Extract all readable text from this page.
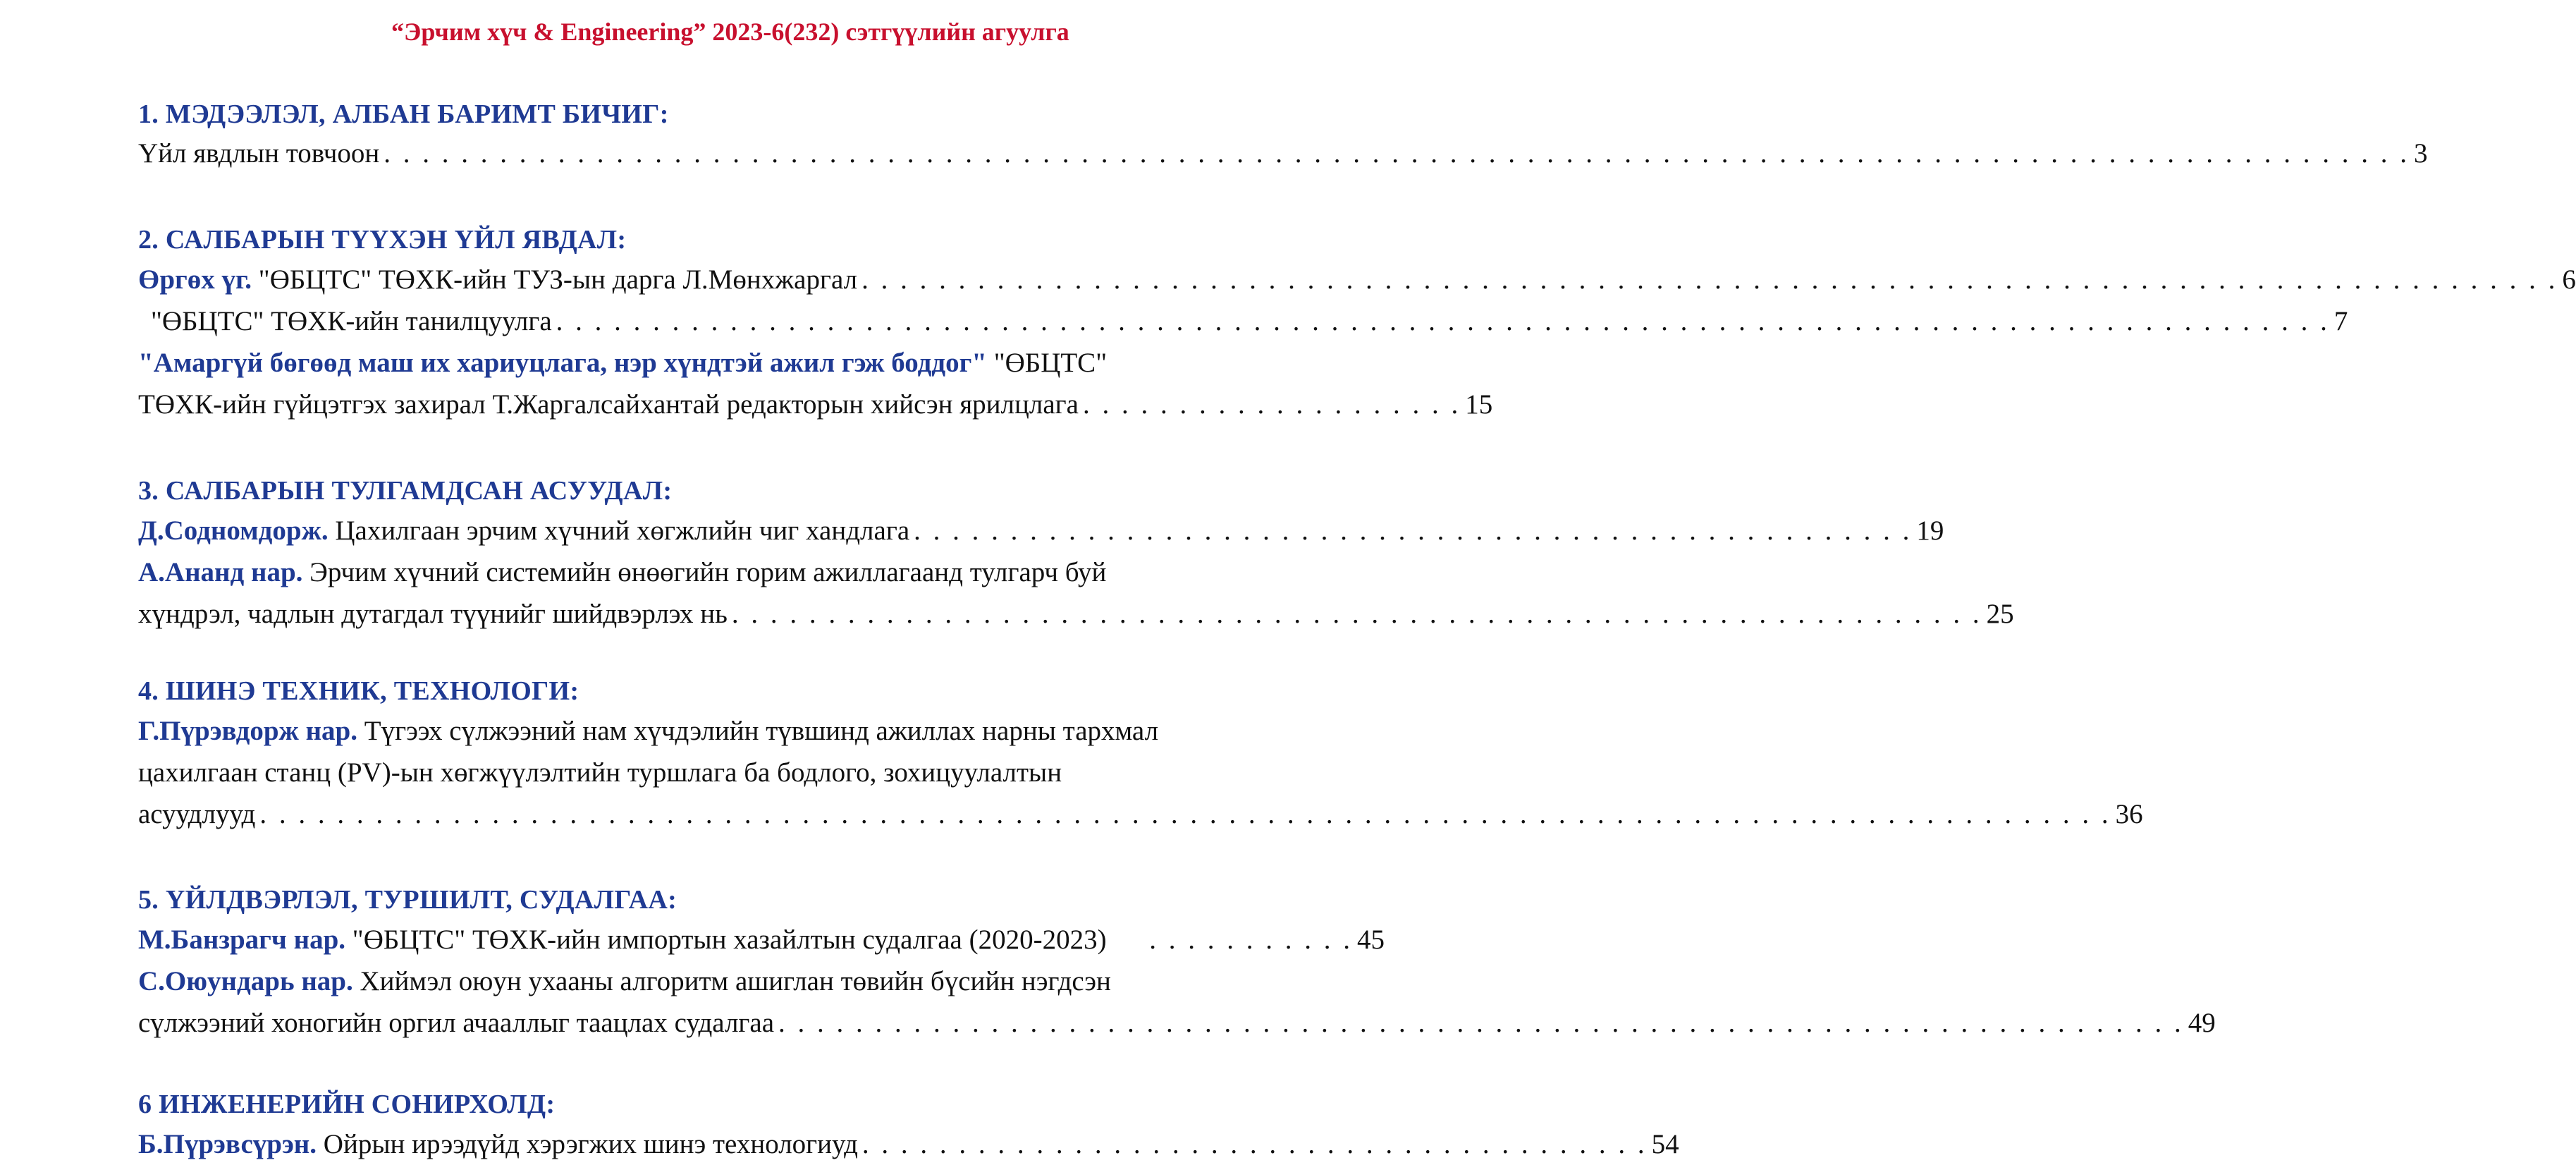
“Эрчим хүч & Engineering” 2023-6(232) сэтгүүлийн агуулга
1. МЭДЭЭЛЭЛ, АЛБАН БАРИМТ БИЧИГ:
Үйл явдлын товчоон . . . . . . . . . . . . . . . . . . . . . . . . . . . . . . . . . . . . . . . . . . . . . . . . . . . . . . . . . . . . . . . . . . . . . . . . . . . . . . . . . . . . . . . . . . . . . . . . . . . . . . . . . 3
2. САЛБАРЫН ТҮҮХЭН ҮЙЛ ЯВДАЛ:
Өргөх үг. "ӨБЦТС" ТӨХК-ийн ТУЗ-ын дарга Л.Мөнхжаргал . . . . . . . . . . . . . . . . . . . . . . . . . . . . . . . . . . . . . . . . . . . . . . . . . . . . . . . . . . . . . . . . . . . . . . . . . . . . . . . . . . . . . . . . 6
"ӨБЦТС" ТӨХК-ийн танилцуулга . . . . . . . . . . . . . . . . . . . . . . . . . . . . . . . . . . . . . . . . . . . . . . . . . . . . . . . . . . . . . . . . . . . . . . . . . . . . . . . . . . . . . . . . . . . . 7
"Амаргүй бөгөөд маш их хариуцлага, нэр хүндтэй ажил гэж боддог" "ӨБЦТС"
ТӨХК-ийн гүйцэтгэх захирал Т.Жаргалсайхантай редакторын хийсэн ярилцлага . . . . . . . . . . . . . . . . . . . . 15
3. САЛБАРЫН ТУЛГАМДСАН АСУУДАЛ:
Д.Содномдорж. Цахилгаан эрчим хүчний хөгжлийн чиг хандлага . . . . . . . . . . . . . . . . . . . . . . . . . . . . . . . . . . . . . . . . . . . . . . . . . . . . 19
А.Ананд нар. Эрчим хүчний системийн өнөөгийн горим ажиллагаанд тулгарч буй
хүндрэл, чадлын дутагдал түүнийг шийдвэрлэх нь . . . . . . . . . . . . . . . . . . . . . . . . . . . . . . . . . . . . . . . . . . . . . . . . . . . . . . . . . . . . . . . . . 25
4. ШИНЭ ТЕХНИК, ТЕХНОЛОГИ:
Г.Пүрэвдорж нар. Түгээх сүлжээний нам хүчдэлийн түвшинд ажиллах нарны тархмал
цахилгаан станц (PV)-ын хөгжүүлэлтийн туршлага ба бодлого, зохицуулалтын
асуудлууд . . . . . . . . . . . . . . . . . . . . . . . . . . . . . . . . . . . . . . . . . . . . . . . . . . . . . . . . . . . . . . . . . . . . . . . . . . . . . . . . . . . . . . . . . . . . . . . . 36
5. ҮЙЛДВЭРЛЭЛ, ТУРШИЛТ, СУДАЛГАА:
М.Банзрагч нар. "ӨБЦТС" ТӨХК-ийн импортын хазайлтын судалгаа (2020-2023)	. . . . . . . . . . . 45
С.Оюундарь нар. Хиймэл оюун ухааны алгоритм ашиглан төвийн бүсийн нэгдсэн
сүлжээний хоногийн оргил ачааллыг таацлах судалгаа . . . . . . . . . . . . . . . . . . . . . . . . . . . . . . . . . . . . . . . . . . . . . . . . . . . . . . . . . . . . . . . . . . . . . . . . . 49
6 ИНЖЕНЕРИЙН СОНИРХОЛД:
Б.Пүрэвсүрэн. Ойрын ирээдүйд хэрэгжих шинэ технологиуд . . . . . . . . . . . . . . . . . . . . . . . . . . . . . . . . . . . . . . . . . 54
